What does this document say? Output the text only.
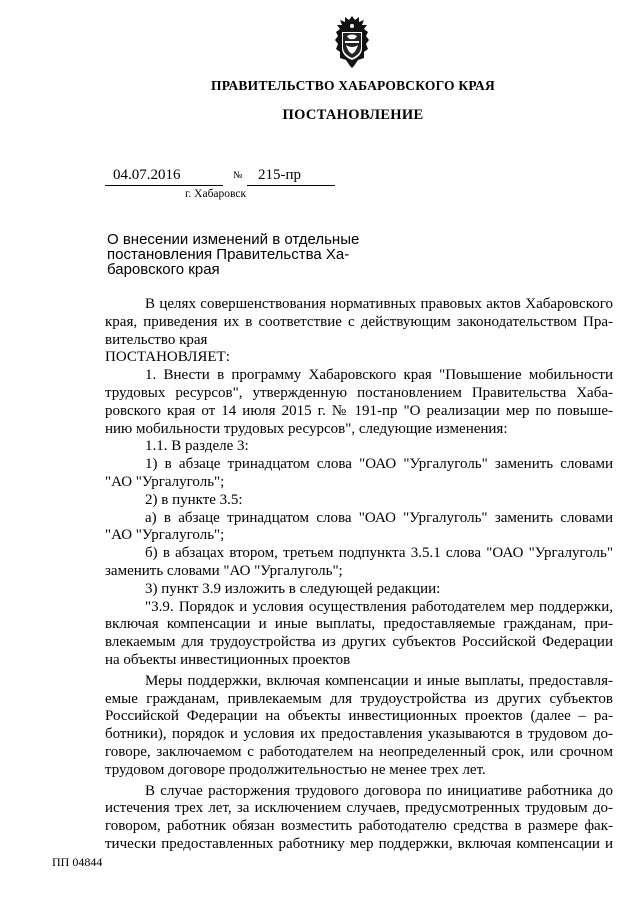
ПРАВИТЕЛЬСТВО ХАБАРОВСКОГО КРАЯ
ПОСТАНОВЛЕНИЕ
04.07.2016	№ 215-пр
г. Хабаровск
О внесении изменений в отдельные
постановления Правительства Ха-
баровского края
В целях совершенствования нормативных правовых актов Хабаровского
края, приведения их в соответствие с действующим законодательством Пра-
вительство края
ПОСТАНОВЛЯЕТ:
1. Внести в программу Хабаровского края "Повышение мобильности
трудовых ресурсов", утвержденную постановлением Правительства Хаба-
ровского края от 14 июля 2015 г. № 191-пр "О реализации мер по повыше-
нию мобильности трудовых ресурсов", следующие изменения:
1.1. В разделе 3:
1) в абзаце тринадцатом слова "ОАО "Ургалуголь" заменить словами
"АО "Ургалуголь";
2) в пункте 3.5:
а) в абзаце тринадцатом слова "ОАО "Ургалуголь" заменить словами
"АО "Ургалуголь";
б) в абзацах втором, третьем подпункта 3.5.1 слова "ОАО "Ургалуголь"
заменить словами "АО "Ургалуголь";
3) пункт 3.9 изложить в следующей редакции:
"3.9. Порядок и условия осуществления работодателем мер поддержки,
включая компенсации и иные выплаты, предоставляемые гражданам, при-
влекаемым для трудоустройства из других субъектов Российской Федерации
на объекты инвестиционных проектов
Меры поддержки, включая компенсации и иные выплаты, предоставля-
емые гражданам, привлекаемым для трудоустройства из других субъектов
Российской Федерации на объекты инвестиционных проектов (далее – ра-
ботники), порядок и условия их предоставления указываются в трудовом до-
говоре, заключаемом с работодателем на неопределенный срок, или срочном
трудовом договоре продолжительностью не менее трех лет.
В случае расторжения трудового договора по инициативе работника до
истечения трех лет, за исключением случаев, предусмотренных трудовым до-
говором, работник обязан возместить работодателю средства в размере фак-
тически предоставленных работнику мер поддержки, включая компенсации и
ПП 04844
